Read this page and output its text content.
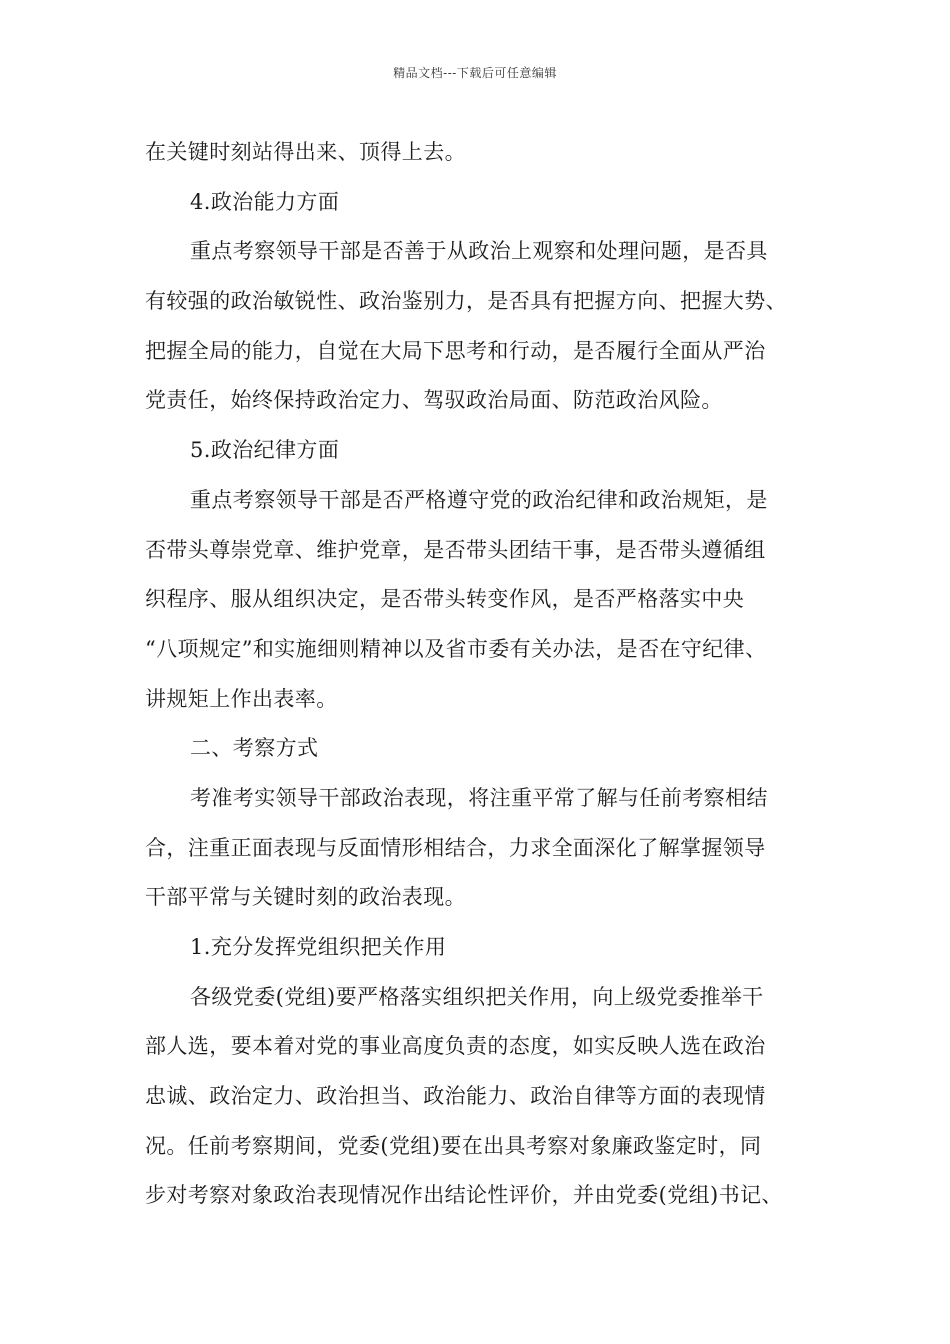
精品文档---下载后可任意编辑
在关键时刻站得出来、顶得上去。
4.政治能力方面
重点考察领导干部是否善于从政治上观察和处理问题，是否具
有较强的政治敏锐性、政治鉴别力，是否具有把握方向、把握大势、
把握全局的能力，自觉在大局下思考和行动，是否履行全面从严治
党责任，始终保持政治定力、驾驭政治局面、防范政治风险。
5.政治纪律方面
重点考察领导干部是否严格遵守党的政治纪律和政治规矩，是
否带头尊崇党章、维护党章，是否带头团结干事，是否带头遵循组
织程序、服从组织决定，是否带头转变作风，是否严格落实中央
“八项规定”和实施细则精神以及省市委有关办法，是否在守纪律、
讲规矩上作出表率。
二、考察方式
考准考实领导干部政治表现，将注重平常了解与任前考察相结
合，注重正面表现与反面情形相结合，力求全面深化了解掌握领导
干部平常与关键时刻的政治表现。
1.充分发挥党组织把关作用
各级党委(党组)要严格落实组织把关作用，向上级党委推举干
部人选，要本着对党的事业高度负责的态度，如实反映人选在政治
忠诚、政治定力、政治担当、政治能力、政治自律等方面的表现情
况。任前考察期间，党委(党组)要在出具考察对象廉政鉴定时，同
步对考察对象政治表现情况作出结论性评价，并由党委(党组)书记、
